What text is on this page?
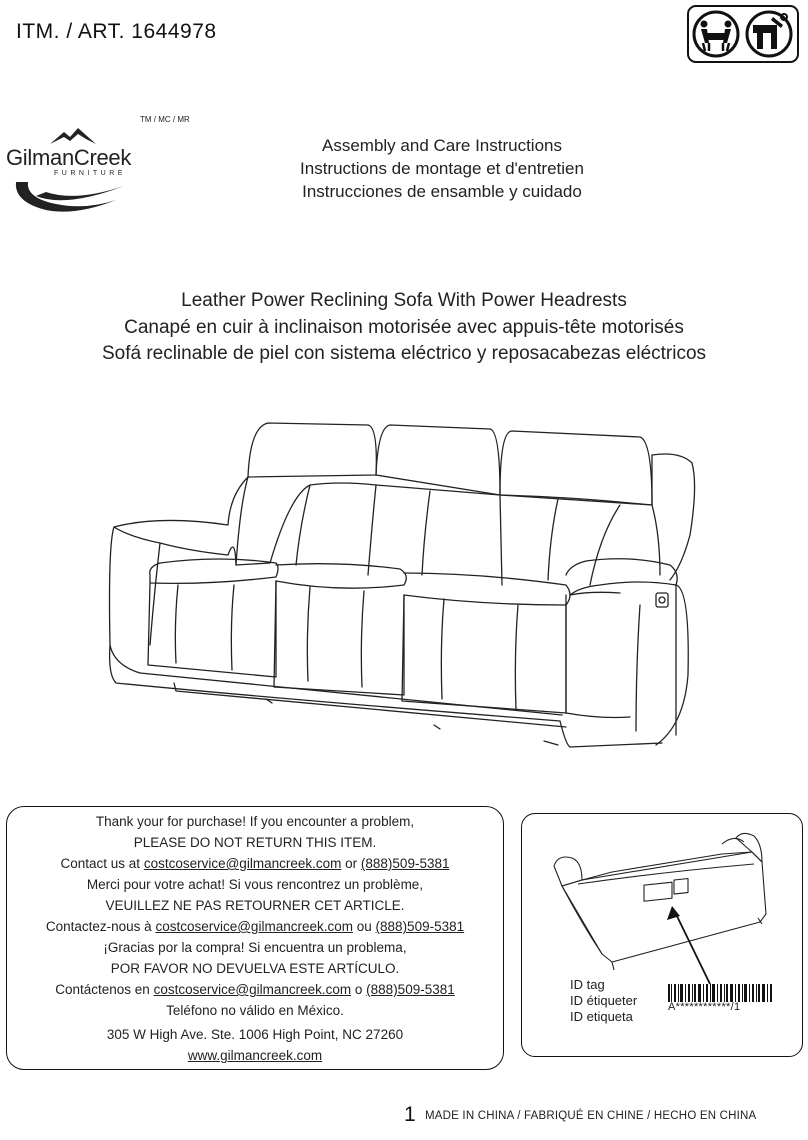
ITM. / ART. 1644978
TM / MC / MR
GilmanCreek
FURNITURE
Assembly and Care Instructions
Instructions de montage et d'entretien
Instrucciones de ensamble y cuidado
Leather Power Reclining Sofa With Power Headrests
Canapé en cuir à inclinaison motorisée avec appuis-tête motorisés
Sofá reclinable de piel con sistema eléctrico y reposacabezas eléctricos
Thank your for purchase! If you encounter a problem,
PLEASE DO NOT RETURN THIS ITEM.
Contact us at costcoservice@gilmancreek.com or (888)509-5381
Merci pour votre achat! Si vous rencontrez un problème,
VEUILLEZ NE PAS RETOURNER CET ARTICLE.
Contactez-nous à costcoservice@gilmancreek.com ou (888)509-5381
¡Gracias por la compra! Si encuentra un problema,
POR FAVOR NO DEVUELVA ESTE ARTÍCULO.
Contáctenos en costcoservice@gilmancreek.com o (888)509-5381
Teléfono no válido en México.
305 W High Ave. Ste. 1006 High Point, NC 27260
www.gilmancreek.com
ID tag
ID étiqueter
ID etiqueta
A************/1
1 MADE IN CHINA / FABRIQUÉ EN CHINE / HECHO EN CHINA
